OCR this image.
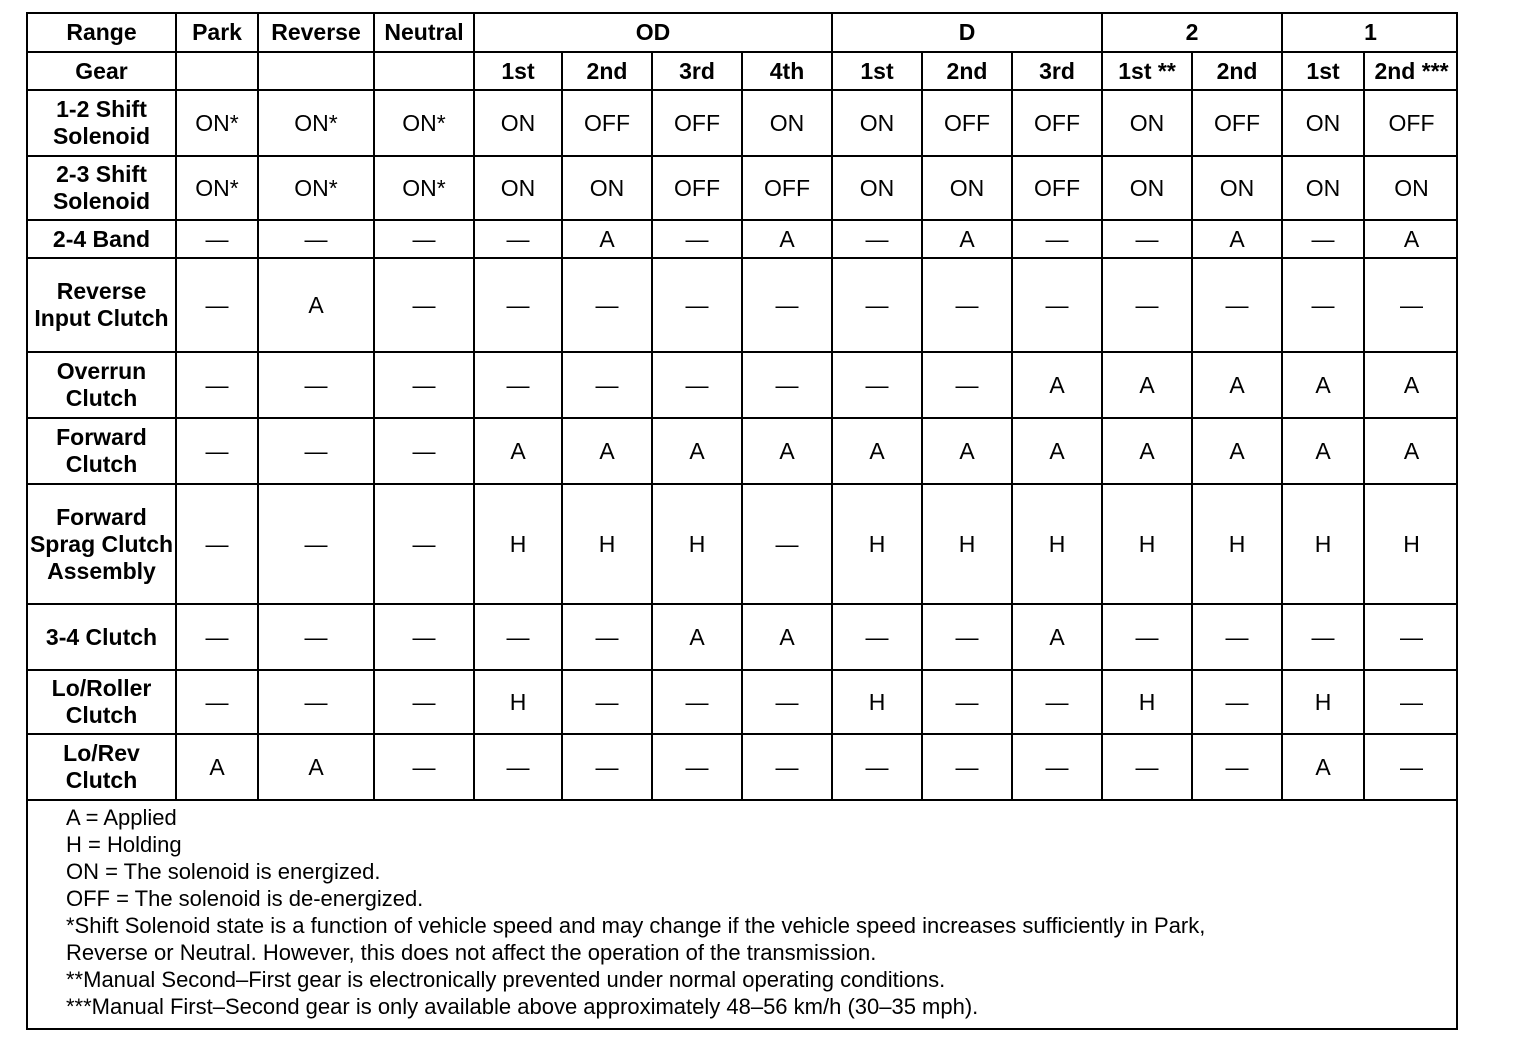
Range	Park	Reverse	Neutral	OD				D			2		1	
Gear				1st	2nd	3rd	4th	1st	2nd	3rd	1st **	2nd	1st	2nd ***
1-2 Shift Solenoid	ON*	ON*	ON*	ON	OFF	OFF	ON	ON	OFF	OFF	ON	OFF	ON	OFF
2-3 Shift Solenoid	ON*	ON*	ON*	ON	ON	OFF	OFF	ON	ON	OFF	ON	ON	ON	ON
2-4 Band	—	—	—	—	A	—	A	—	A	—	—	A	—	A
Reverse Input Clutch	—	A	—	—	—	—	—	—	—	—	—	—	—	—
Overrun Clutch	—	—	—	—	—	—	—	—	—	A	A	A	A	A
Forward Clutch	—	—	—	A	A	A	A	A	A	A	A	A	A	A
Forward Sprag Clutch Assembly	—	—	—	H	H	H	—	H	H	H	H	H	H	H
3-4 Clutch	—	—	—	—	—	A	A	—	—	A	—	—	—	—
Lo/Roller Clutch	—	—	—	H	—	—	—	H	—	—	H	—	H	—
Lo/Rev Clutch	A	A	—	—	—	—	—	—	—	—	—	—	A	—
A = Applied
H = Holding
ON = The solenoid is energized.
OFF = The solenoid is de-energized.
*Shift Solenoid state is a function of vehicle speed and may change if the vehicle speed increases sufficiently in Park,
Reverse or Neutral. However, this does not affect the operation of the transmission.
**Manual Second–First gear is electronically prevented under normal operating conditions.
***Manual First–Second gear is only available above approximately 48–56 km/h (30–35 mph).
